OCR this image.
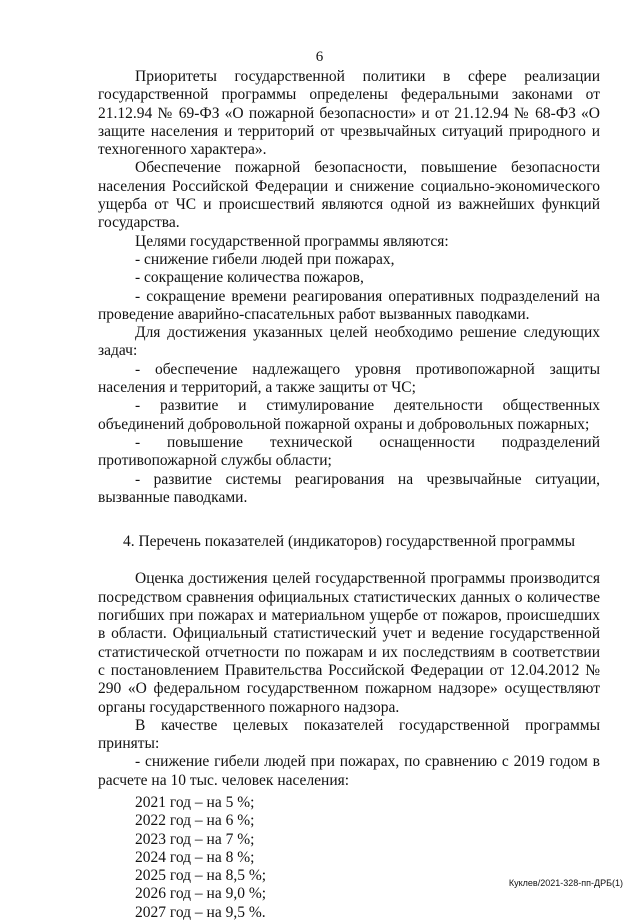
6

Приоритеты государственной политики в сфере реализации государственной программы определены федеральными законами от 21.12.94 № 69-ФЗ «О пожарной безопасности» и от 21.12.94 № 68-ФЗ «О защите населения и территорий от чрезвычайных ситуаций природного и техногенного характера».

Обеспечение пожарной безопасности, повышение безопасности населения Российской Федерации и снижение социально-экономического ущерба от ЧС и происшествий являются одной из важнейших функций государства.

Целями государственной программы являются:

- снижение гибели людей при пожарах,

- сокращение количества пожаров,

- сокращение времени реагирования оперативных подразделений на проведение аварийно-спасательных работ вызванных паводками.

Для достижения указанных целей необходимо решение следующих задач:

- обеспечение надлежащего уровня противопожарной защиты населения и территорий, а также защиты от ЧС;

- развитие и стимулирование деятельности общественных объединений добровольной пожарной охраны и добровольных пожарных;

- повышение технической оснащенности подразделений противопожарной службы области;

- развитие системы реагирования на чрезвычайные ситуации, вызванные паводками.

4. Перечень показателей (индикаторов) государственной программы

Оценка достижения целей государственной программы производится посредством сравнения официальных статистических данных о количестве погибших при пожарах и материальном ущербе от пожаров, происшедших в области. Официальный статистический учет и ведение государственной статистической отчетности по пожарам и их последствиям в соответствии с постановлением Правительства Российской Федерации от 12.04.2012 № 290 «О федеральном государственном пожарном надзоре» осуществляют органы государственного пожарного надзора.

В качестве целевых показателей государственной программы приняты:

- снижение гибели людей при пожарах, по сравнению с 2019 годом в расчете на 10 тыс. человек населения:

2021 год – на 5 %;
2022 год – на 6 %;
2023 год – на 7 %;
2024 год – на 8 %;
2025 год – на 8,5 %;
2026 год – на 9,0 %;
2027 год – на 9,5 %.
Куклев/2021-328-пп-ДРБ(1)
